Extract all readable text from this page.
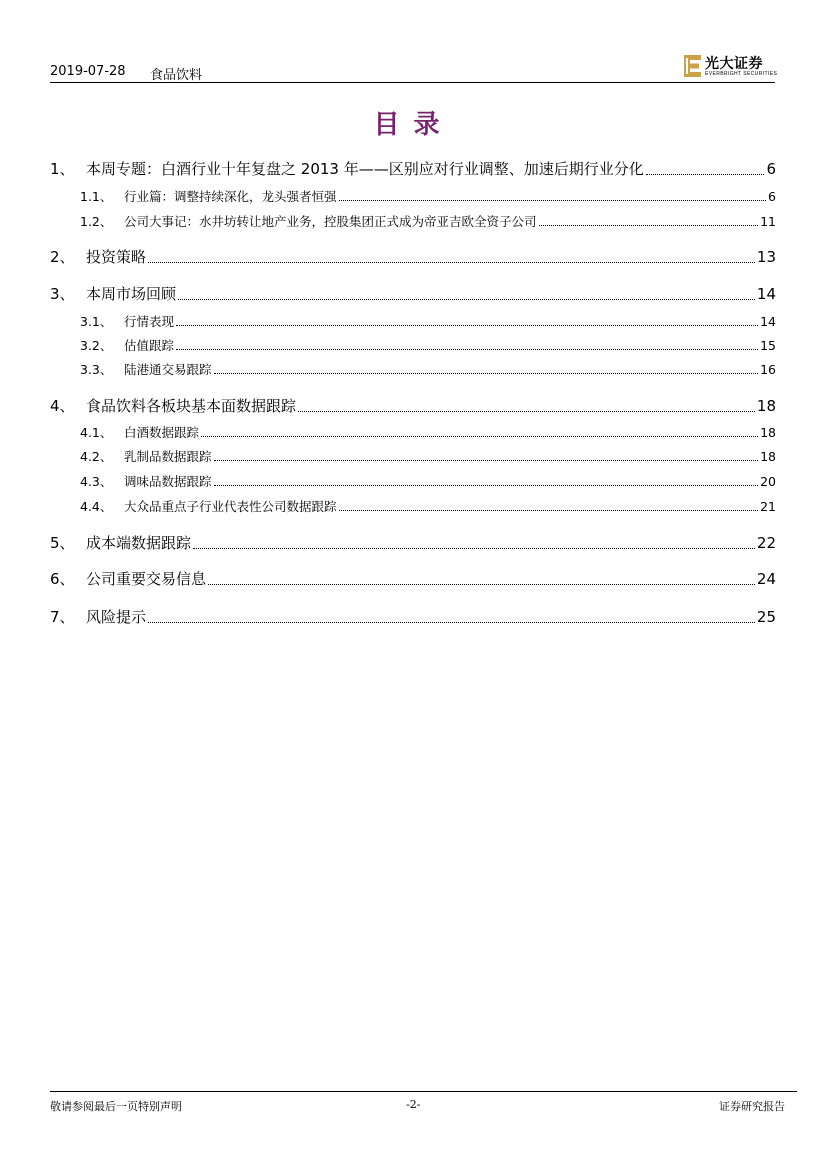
2019-07-28 食品饮料
光大证券
EVERBRIGHT SECURITIES
目录
1、 本周专题：白酒行业十年复盘之 2013 年——区别应对行业调整、加速后期行业分化	6
1.1、 行业篇：调整持续深化，龙头强者恒强	6
1.2、 公司大事记：水井坊转让地产业务，控股集团正式成为帝亚吉欧全资子公司	11
2、 投资策略	13
3、 本周市场回顾	14
3.1、 行情表现	14
3.2、 估值跟踪	15
3.3、 陆港通交易跟踪	16
4、 食品饮料各板块基本面数据跟踪	18
4.1、 白酒数据跟踪	18
4.2、 乳制品数据跟踪	18
4.3、 调味品数据跟踪	20
4.4、 大众品重点子行业代表性公司数据跟踪	21
5、 成本端数据跟踪	22
6、 公司重要交易信息	24
7、 风险提示	25
敬请参阅最后一页特别声明	-2-	证券研究报告
